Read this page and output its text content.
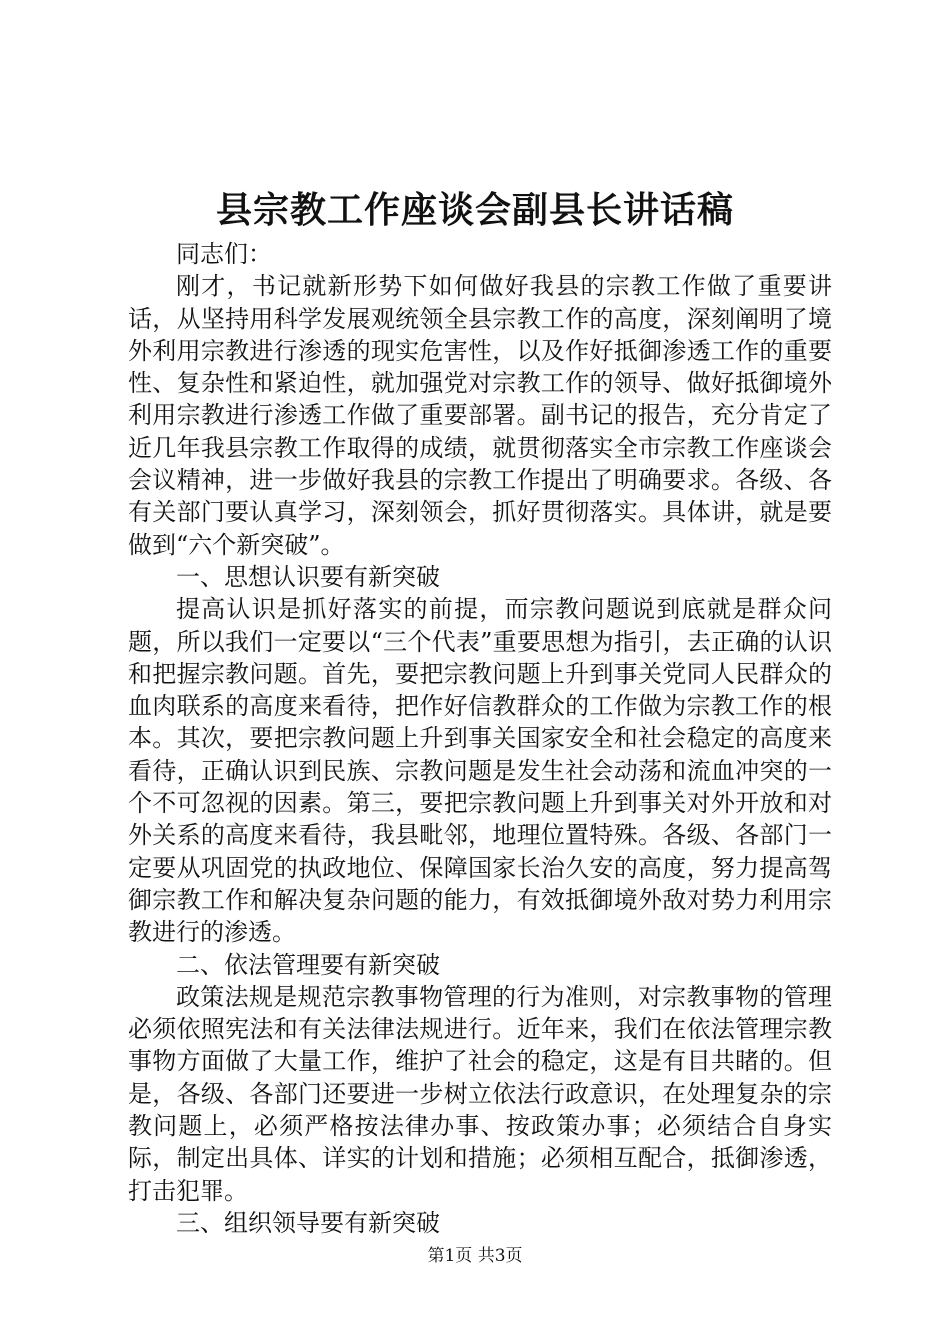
县宗教工作座谈会副县长讲话稿

同志们：

刚才，书记就新形势下如何做好我县的宗教工作做了重要讲话，从坚持用科学发展观统领全县宗教工作的高度，深刻阐明了境外利用宗教进行渗透的现实危害性，以及作好抵御渗透工作的重要性、复杂性和紧迫性，就加强党对宗教工作的领导、做好抵御境外利用宗教进行渗透工作做了重要部署。副书记的报告，充分肯定了近几年我县宗教工作取得的成绩，就贯彻落实全市宗教工作座谈会会议精神，进一步做好我县的宗教工作提出了明确要求。各级、各有关部门要认真学习，深刻领会，抓好贯彻落实。具体讲，就是要做到“六个新突破”。

一、思想认识要有新突破

提高认识是抓好落实的前提，而宗教问题说到底就是群众问题，所以我们一定要以“三个代表”重要思想为指引，去正确的认识和把握宗教问题。首先，要把宗教问题上升到事关党同人民群众的血肉联系的高度来看待，把作好信教群众的工作做为宗教工作的根本。其次，要把宗教问题上升到事关国家安全和社会稳定的高度来看待，正确认识到民族、宗教问题是发生社会动荡和流血冲突的一个不可忽视的因素。第三，要把宗教问题上升到事关对外开放和对外关系的高度来看待，我县毗邻，地理位置特殊。各级、各部门一定要从巩固党的执政地位、保障国家长治久安的高度，努力提高驾御宗教工作和解决复杂问题的能力，有效抵御境外敌对势力利用宗教进行的渗透。

二、依法管理要有新突破

政策法规是规范宗教事物管理的行为准则，对宗教事物的管理必须依照宪法和有关法律法规进行。近年来，我们在依法管理宗教事物方面做了大量工作，维护了社会的稳定，这是有目共睹的。但是，各级、各部门还要进一步树立依法行政意识，在处理复杂的宗教问题上，必须严格按法律办事、按政策办事；必须结合自身实际，制定出具体、详实的计划和措施；必须相互配合，抵御渗透，打击犯罪。

三、组织领导要有新突破

第1页 共3页
